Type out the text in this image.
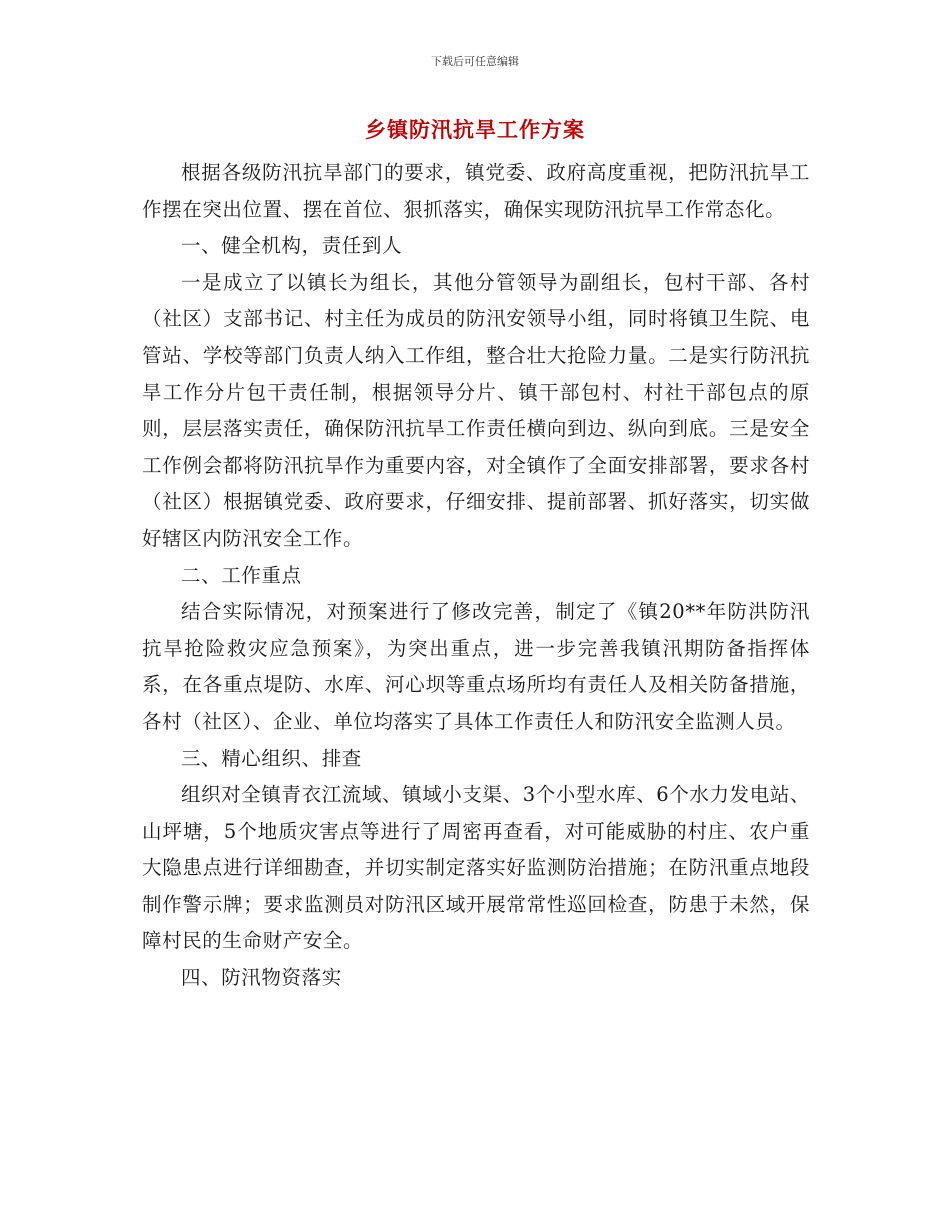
下载后可任意编辑
乡镇防汛抗旱工作方案

根据各级防汛抗旱部门的要求，镇党委、政府高度重视，把防汛抗旱工作摆在突出位置、摆在首位、狠抓落实，确保实现防汛抗旱工作常态化。

一、健全机构，责任到人

一是成立了以镇长为组长，其他分管领导为副组长，包村干部、各村（社区）支部书记、村主任为成员的防汛安领导小组，同时将镇卫生院、电管站、学校等部门负责人纳入工作组，整合壮大抢险力量。二是实行防汛抗旱工作分片包干责任制，根据领导分片、镇干部包村、村社干部包点的原则，层层落实责任，确保防汛抗旱工作责任横向到边、纵向到底。三是安全工作例会都将防汛抗旱作为重要内容，对全镇作了全面安排部署，要求各村（社区）根据镇党委、政府要求，仔细安排、提前部署、抓好落实，切实做好辖区内防汛安全工作。

二、工作重点

结合实际情况，对预案进行了修改完善，制定了《镇20**年防洪防汛抗旱抢险救灾应急预案》，为突出重点，进一步完善我镇汛期防备指挥体系，在各重点堤防、水库、河心坝等重点场所均有责任人及相关防备措施，各村（社区）、企业、单位均落实了具体工作责任人和防汛安全监测人员。

三、精心组织、排查

组织对全镇青衣江流域、镇域小支渠、3个小型水库、6个水力发电站、山坪塘，5个地质灾害点等进行了周密再查看，对可能威胁的村庄、农户重大隐患点进行详细勘查，并切实制定落实好监测防治措施；在防汛重点地段制作警示牌；要求监测员对防汛区域开展常常性巡回检查，防患于未然，保障村民的生命财产安全。

四、防汛物资落实
